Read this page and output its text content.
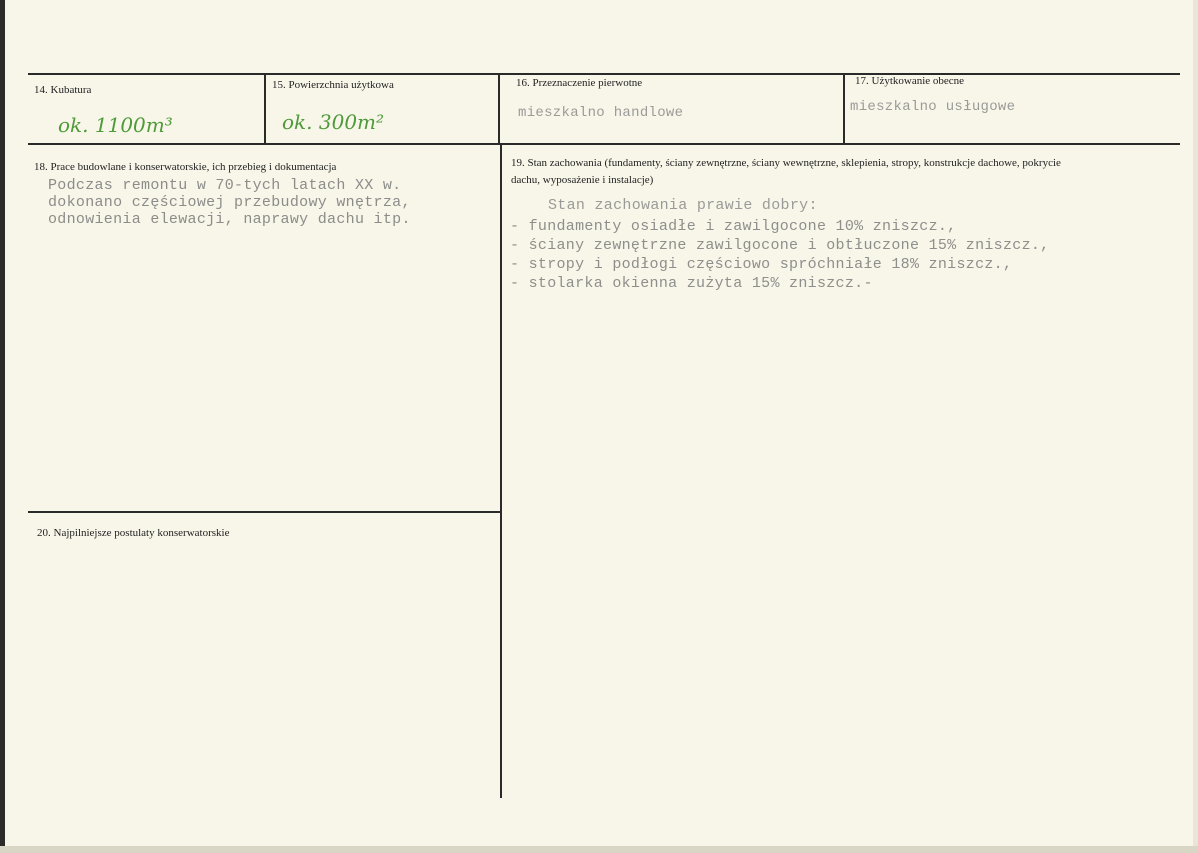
14. Kubatura
ok. 1100m³
15. Powierzchnia użytkowa
ok. 300m²
16. Przeznaczenie pierwotne
mieszkalno handlowe
17. Użytkowanie obecne
mieszkalno usługowe
18. Prace budowlane i konserwatorskie, ich przebieg i dokumentacja
Podczas remontu w 70-tych latach XX w.
dokonano częściowej przebudowy wnętrza,
odnowienia elewacji, naprawy dachu itp.
19. Stan zachowania (fundamenty, ściany zewnętrzne, ściany wewnętrzne, sklepienia, stropy, konstrukcje dachowe, pokrycie dachu, wyposażenie i instalacje)
Stan zachowania prawie dobry:
- fundamenty osiadłe i zawilgocone 10% zniszcz.,
- ściany zewnętrzne zawilgocone i obtłuczone 15% zniszcz.,
- stropy i podłogi częściowo spróchniałe 18% zniszcz.,
- stolarka okienna zużyta 15% zniszcz.-
20. Najpilniejsze postulaty konserwatorskie
